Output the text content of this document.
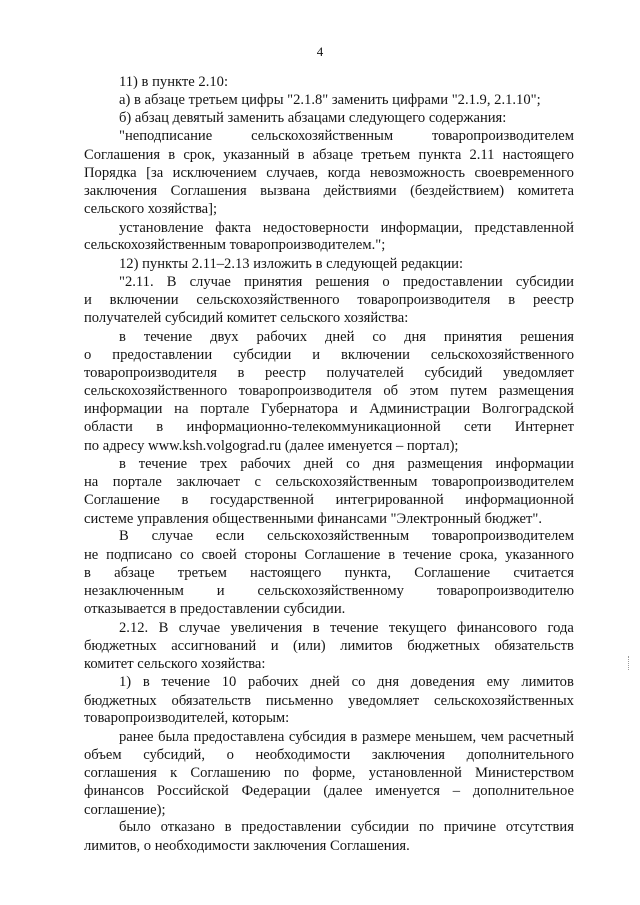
4
11) в пункте 2.10:
а) в абзаце третьем цифры "2.1.8" заменить цифрами "2.1.9, 2.1.10";
б) абзац девятый заменить абзацами следующего содержания:
"неподписание	сельскохозяйственным	товаропроизводителем
Соглашения в срок, указанный в абзаце третьем пункта 2.11 настоящего
Порядка [за исключением случаев, когда невозможность своевременного
заключения Соглашения вызвана действиями (бездействием) комитета
сельского хозяйства];
установление факта недостоверности информации, представленной
сельскохозяйственным товаропроизводителем.";
12) пункты 2.11–2.13 изложить в следующей редакции:
"2.11. В случае принятия решения о предоставлении субсидии
и включении сельскохозяйственного товаропроизводителя в реестр
получателей субсидий комитет сельского хозяйства:
в течение двух рабочих дней со дня принятия решения
о предоставлении субсидии и включении сельскохозяйственного
товаропроизводителя в реестр получателей субсидий уведомляет
сельскохозяйственного товаропроизводителя об этом путем размещения
информации на портале Губернатора и Администрации Волгоградской
области в информационно-телекоммуникационной сети Интернет
по адресу www.ksh.volgograd.ru (далее именуется – портал);
в течение трех рабочих дней со дня размещения информации
на портале заключает с сельскохозяйственным товаропроизводителем
Соглашение в государственной интегрированной информационной
системе управления общественными финансами "Электронный бюджет".
В случае если сельскохозяйственным товаропроизводителем
не подписано со своей стороны Соглашение в течение срока, указанного
в абзаце третьем настоящего пункта, Соглашение считается
незаключенным и сельскохозяйственному товаропроизводителю
отказывается в предоставлении субсидии.
2.12. В случае увеличения в течение текущего финансового года
бюджетных ассигнований и (или) лимитов бюджетных обязательств
комитет сельского хозяйства:
1) в течение 10 рабочих дней со дня доведения ему лимитов
бюджетных обязательств письменно уведомляет сельскохозяйственных
товаропроизводителей, которым:
ранее была предоставлена субсидия в размере меньшем, чем расчетный
объем субсидий, о необходимости заключения дополнительного
соглашения к Соглашению по форме, установленной Министерством
финансов Российской Федерации (далее именуется – дополнительное
соглашение);
было отказано в предоставлении субсидии по причине отсутствия
лимитов, о необходимости заключения Соглашения.
